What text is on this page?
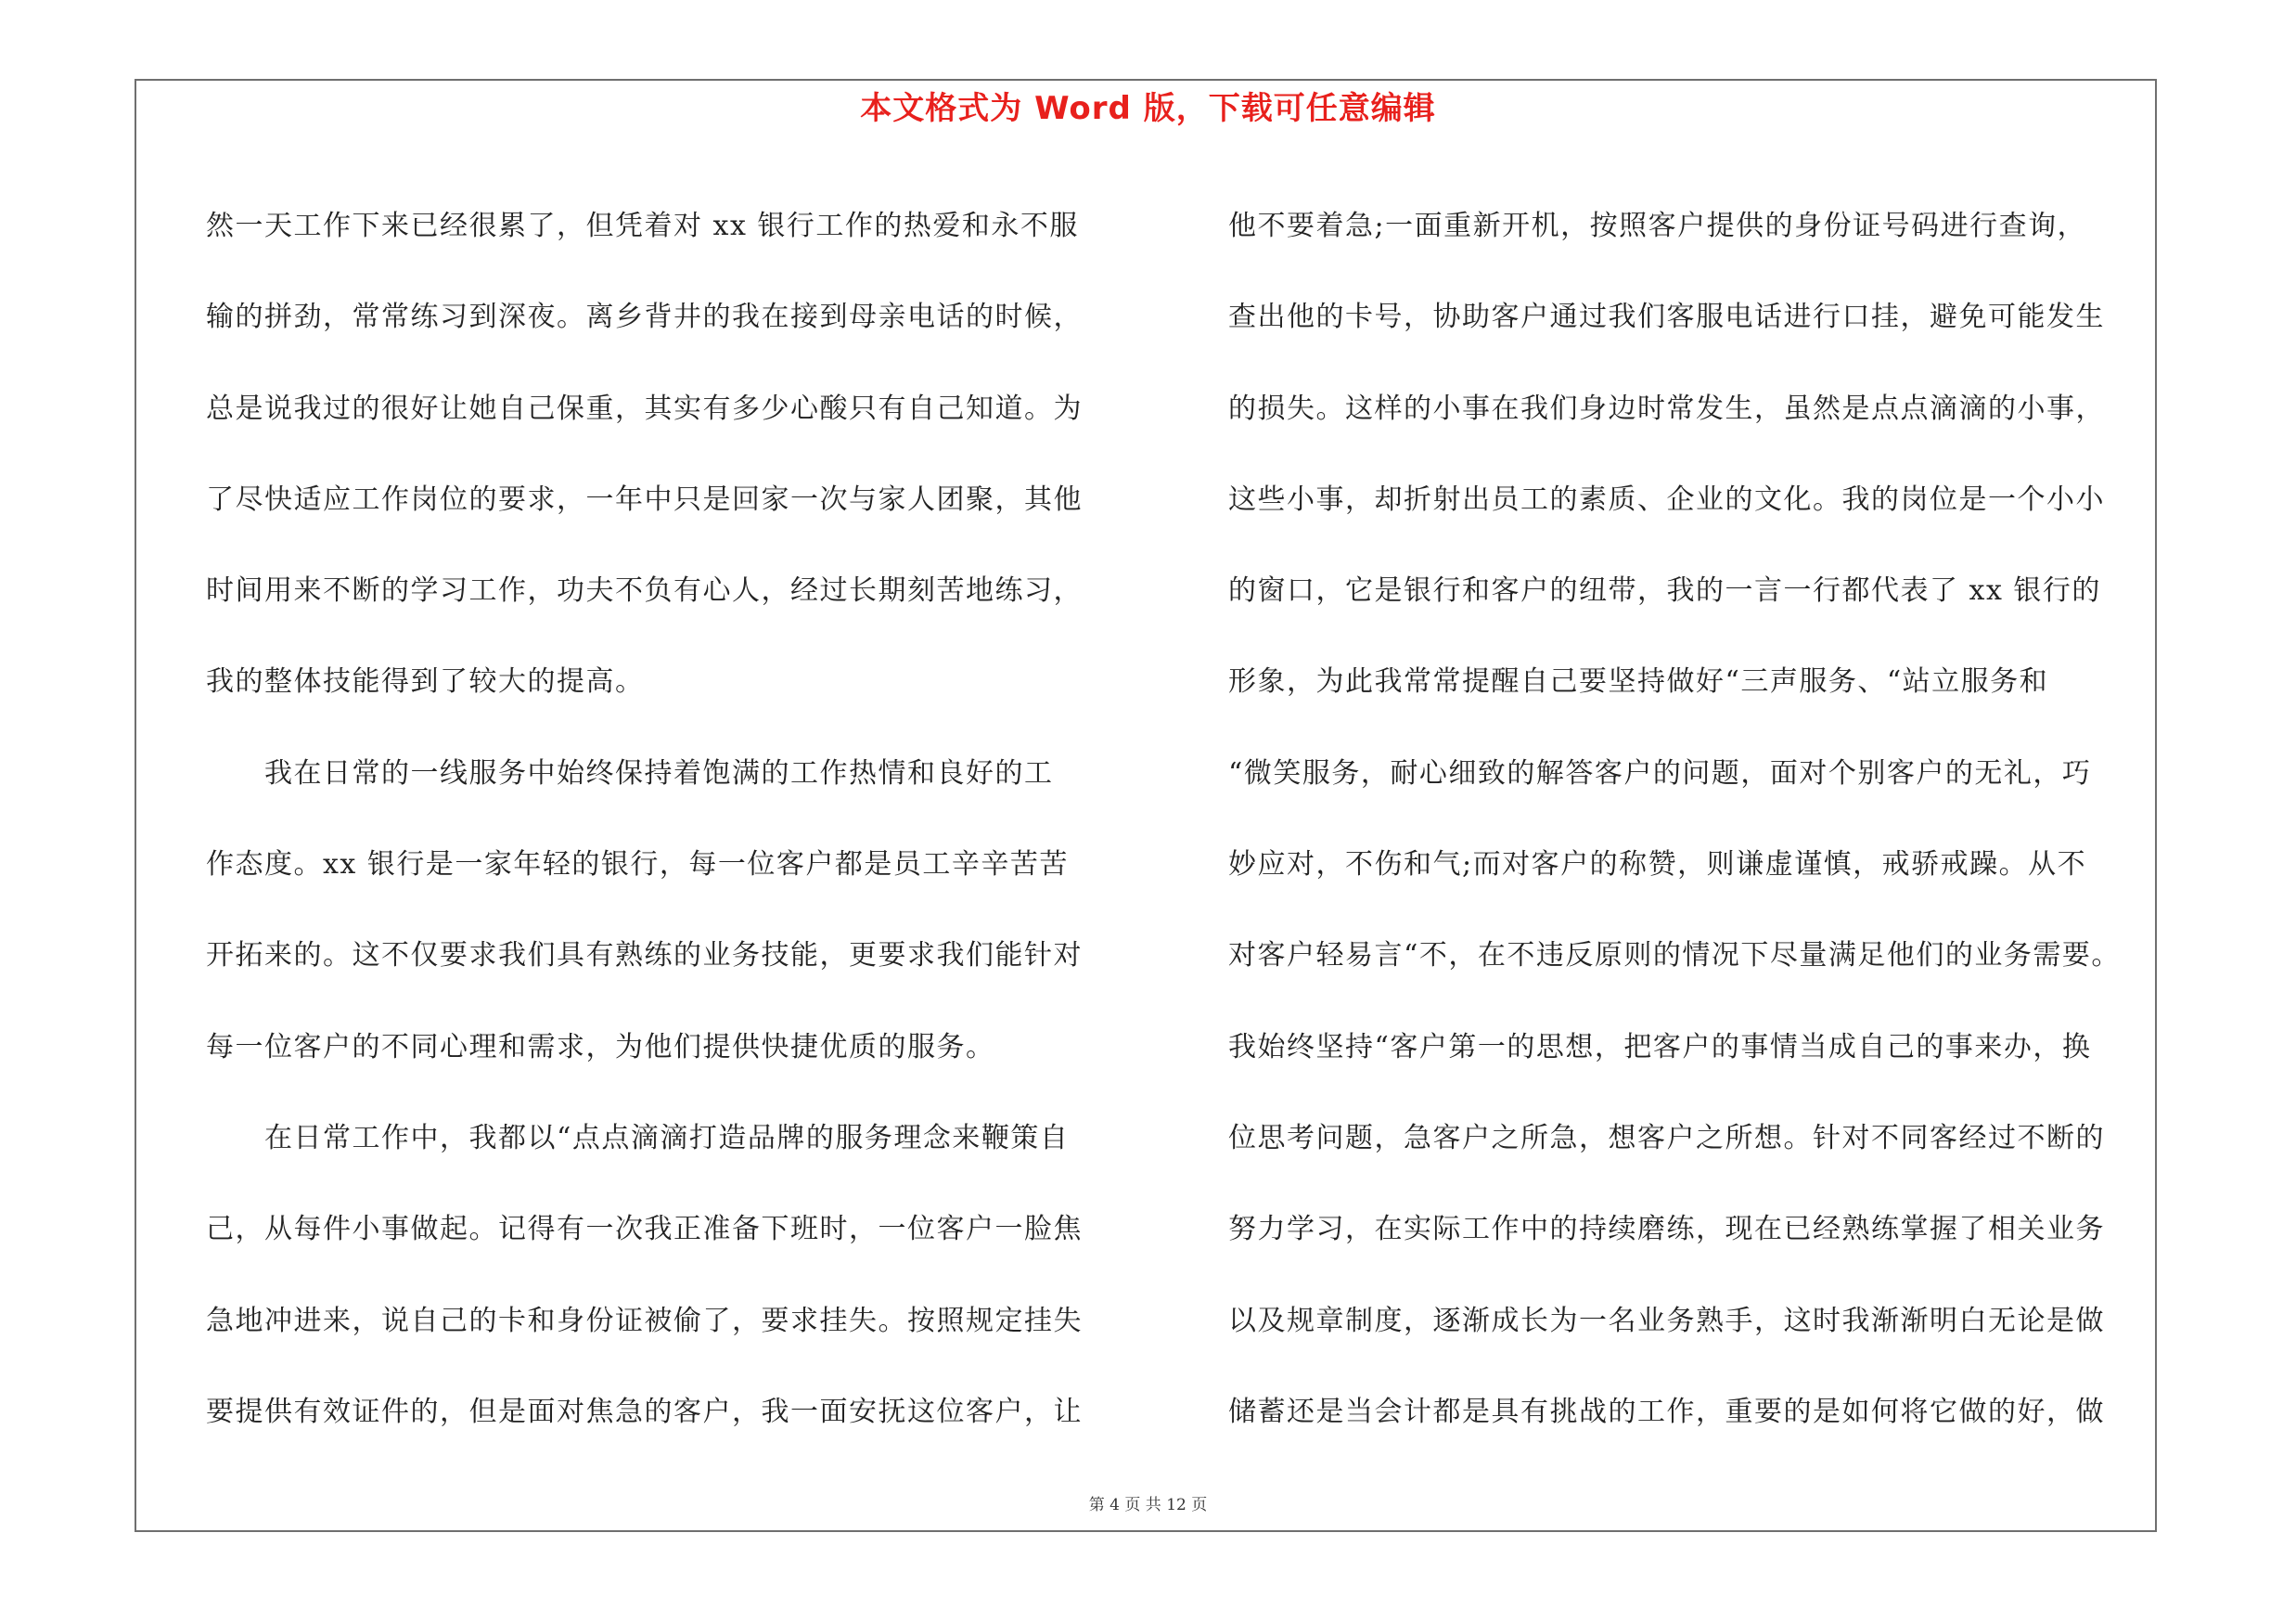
本文格式为 Word 版，下载可任意编辑
然一天工作下来已经很累了，但凭着对 xx 银行工作的热爱和永不服
输的拼劲，常常练习到深夜。离乡背井的我在接到母亲电话的时候，
总是说我过的很好让她自己保重，其实有多少心酸只有自己知道。为
了尽快适应工作岗位的要求，一年中只是回家一次与家人团聚，其他
时间用来不断的学习工作，功夫不负有心人，经过长期刻苦地练习，
我的整体技能得到了较大的提高。
　　我在日常的一线服务中始终保持着饱满的工作热情和良好的工
作态度。xx 银行是一家年轻的银行，每一位客户都是员工辛辛苦苦
开拓来的。这不仅要求我们具有熟练的业务技能，更要求我们能针对
每一位客户的不同心理和需求，为他们提供快捷优质的服务。
　　在日常工作中，我都以“点点滴滴打造品牌的服务理念来鞭策自
己，从每件小事做起。记得有一次我正准备下班时，一位客户一脸焦
急地冲进来，说自己的卡和身份证被偷了，要求挂失。按照规定挂失
要提供有效证件的，但是面对焦急的客户，我一面安抚这位客户，让
他不要着急;一面重新开机，按照客户提供的身份证号码进行查询，
查出他的卡号，协助客户通过我们客服电话进行口挂，避免可能发生
的损失。这样的小事在我们身边时常发生，虽然是点点滴滴的小事，
这些小事，却折射出员工的素质、企业的文化。我的岗位是一个小小
的窗口，它是银行和客户的纽带，我的一言一行都代表了 xx 银行的
形象，为此我常常提醒自己要坚持做好“三声服务、“站立服务和
“微笑服务，耐心细致的解答客户的问题，面对个别客户的无礼，巧
妙应对，不伤和气;而对客户的称赞，则谦虚谨慎，戒骄戒躁。从不
对客户轻易言“不，在不违反原则的情况下尽量满足他们的业务需要。
我始终坚持“客户第一的思想，把客户的事情当成自己的事来办，换
位思考问题，急客户之所急，想客户之所想。针对不同客经过不断的
努力学习，在实际工作中的持续磨练，现在已经熟练掌握了相关业务
以及规章制度，逐渐成长为一名业务熟手，这时我渐渐明白无论是做
储蓄还是当会计都是具有挑战的工作，重要的是如何将它做的好，做
第 4 页 共 12 页
